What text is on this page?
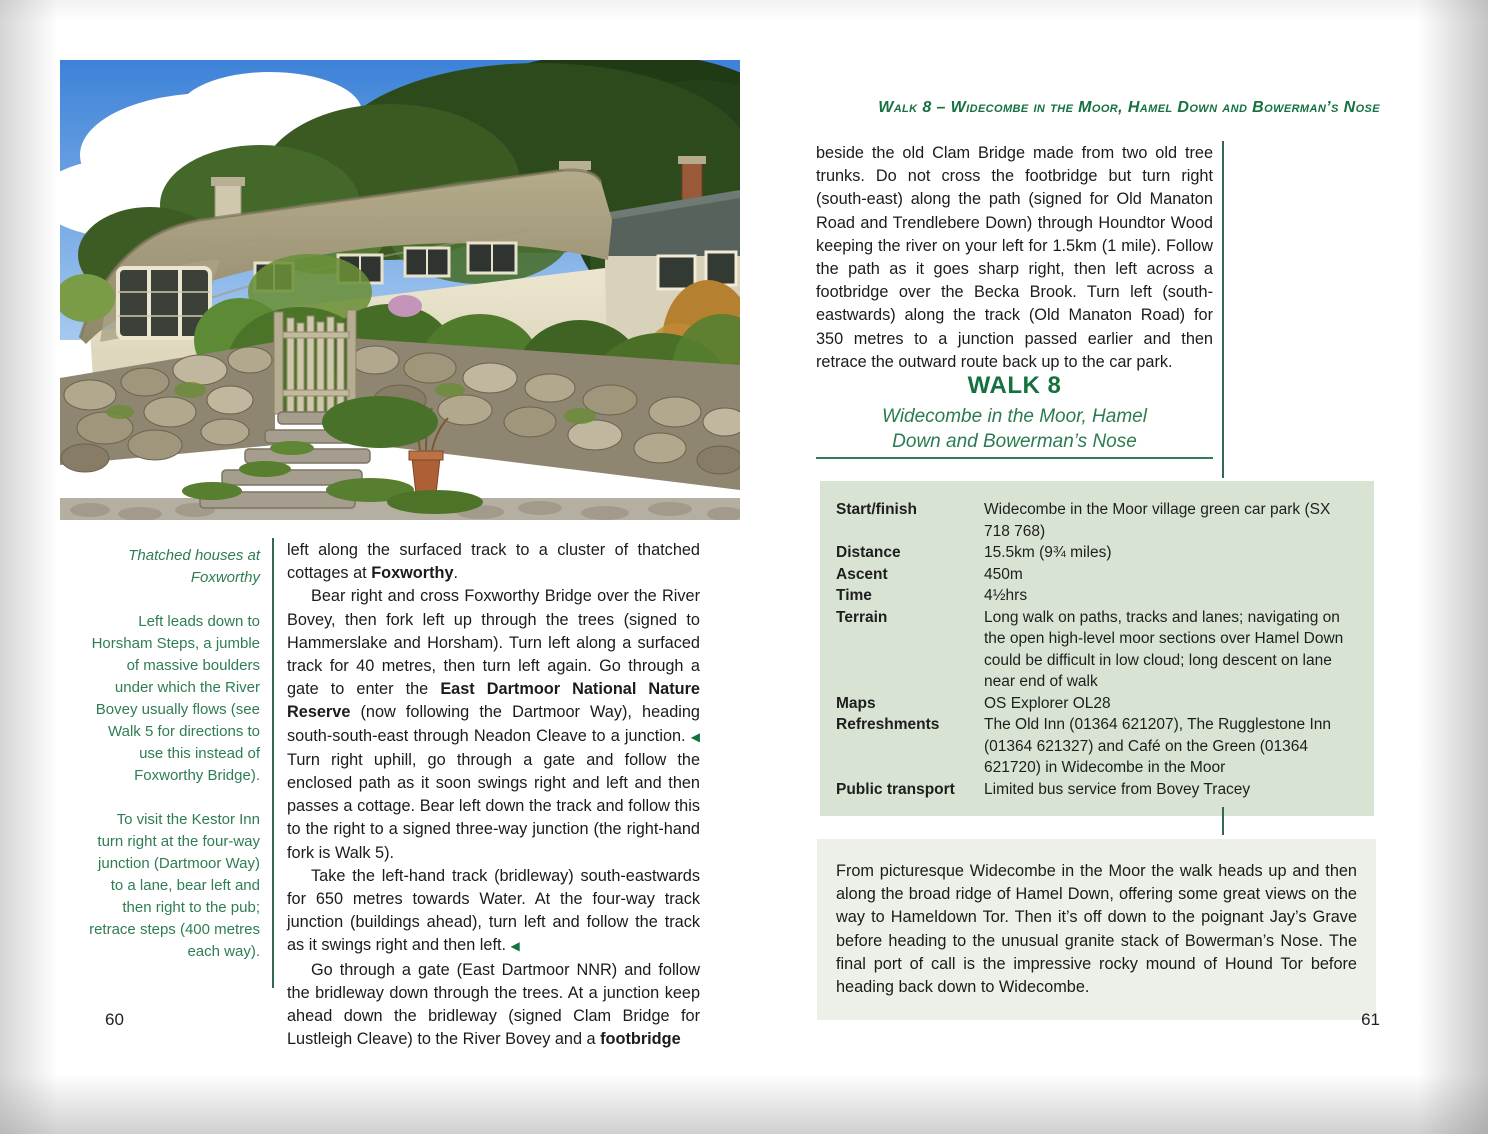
Thatched houses at Foxworthy
Left leads down to Horsham Steps, a jumble of massive boulders under which the River Bovey usually flows (see Walk 5 for directions to use this instead of Foxworthy Bridge).
To visit the Kestor Inn turn right at the four-way junction (Dartmoor Way) to a lane, bear left and then right to the pub; retrace steps (400 metres each way).

left along the surfaced track to a cluster of thatched cottages at Foxworthy.

Bear right and cross Foxworthy Bridge over the River Bovey, then fork left up through the trees (signed to Hammerslake and Horsham). Turn left along a surfaced track for 40 metres, then turn left again. Go through a gate to enter the East Dartmoor National Nature Reserve (now following the Dartmoor Way), heading south-south-east through Neadon Cleave to a junction. ◀ Turn right uphill, go through a gate and follow the enclosed path as it soon swings right and left and then passes a cottage. Bear left down the track and follow this to the right to a signed three-way junction (the right-hand fork is Walk 5).

Take the left-hand track (bridleway) south-eastwards for 650 metres towards Water. At the four-way track junction (buildings ahead), turn left and follow the track as it swings right and then left. ◀

Go through a gate (East Dartmoor NNR) and follow the bridleway down through the trees. At a junction keep ahead down the bridleway (signed Clam Bridge for Lustleigh Cleave) to the River Bovey and a footbridge

60
Walk 8 – Widecombe in the Moor, Hamel Down and Bowerman’s Nose
beside the old Clam Bridge made from two old tree trunks. Do not cross the footbridge but turn right (south-east) along the path (signed for Old Manaton Road and Trendlebere Down) through Houndtor Wood keeping the river on your left for 1.5km (1 mile). Follow the path as it goes sharp right, then left across a footbridge over the Becka Brook. Turn left (south-eastwards) along the track (Old Manaton Road) for 350 metres to a junction passed earlier and then retrace the outward route back up to the car park.
WALK 8
Widecombe in the Moor, Hamel
Down and Bowerman’s Nose
Start/finish	Widecombe in the Moor village green car park (SX 718 768)
Distance	15.5km (9¾ miles)
Ascent	450m
Time	4½hrs
Terrain	Long walk on paths, tracks and lanes; navigating on the open high-level moor sections over Hamel Down could be difficult in low cloud; long descent on lane near end of walk
Maps	OS Explorer OL28
Refreshments	The Old Inn (01364 621207), The Rugglestone Inn (01364 621327) and Café on the Green (01364 621720) in Widecombe in the Moor
Public transport	Limited bus service from Bovey Tracey
From picturesque Widecombe in the Moor the walk heads up and then along the broad ridge of Hamel Down, offering some great views on the way to Hameldown Tor. Then it’s off down to the poignant Jay’s Grave before heading to the unusual granite stack of Bowerman’s Nose. The final port of call is the impressive rocky mound of Hound Tor before heading back down to Widecombe.
61
